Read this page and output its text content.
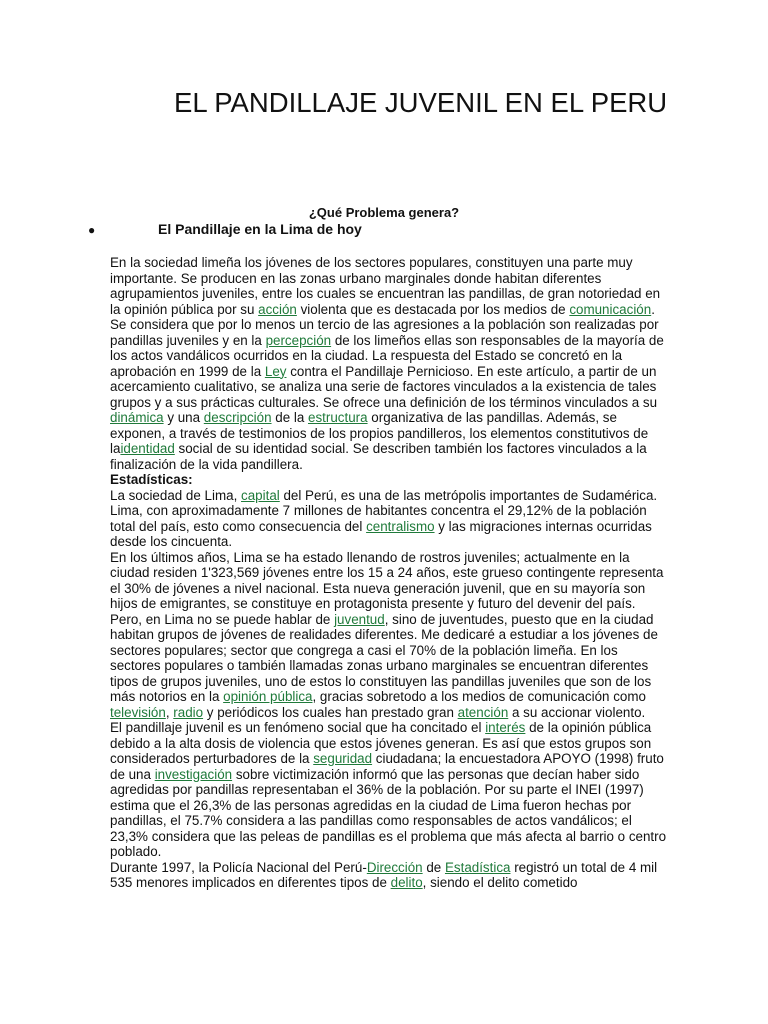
EL PANDILLAJE JUVENIL EN EL PERU

¿Qué Problema genera?

●	El Pandillaje en la Lima de hoy

En la sociedad limeña los jóvenes de los sectores populares, constituyen una parte muy importante. Se producen en las zonas urbano marginales donde habitan diferentes agrupamientos juveniles, entre los cuales se encuentran las pandillas, de gran notoriedad en la opinión pública por su acción violenta que es destacada por los medios de comunicación. Se considera que por lo menos un tercio de las agresiones a la población son realizadas por pandillas juveniles y en la percepción de los limeños ellas son responsables de la mayoría de los actos vandálicos ocurridos en la ciudad. La respuesta del Estado se concretó en la aprobación en 1999 de la Ley contra el Pandillaje Pernicioso. En este artículo, a partir de un acercamiento cualitativo, se analiza una serie de factores vinculados a la existencia de tales grupos y a sus prácticas culturales. Se ofrece una definición de los términos vinculados a su dinámica y una descripción de la estructura organizativa de las pandillas. Además, se exponen, a través de testimonios de los propios pandilleros, los elementos constitutivos de laidentidad social de su identidad social. Se describen también los factores vinculados a la finalización de la vida pandillera.

Estadísticas:

La sociedad de Lima, capital del Perú, es una de las metrópolis importantes de Sudamérica. Lima, con aproximadamente 7 millones de habitantes concentra el 29,12% de la población total del país, esto como consecuencia del centralismo y las migraciones internas ocurridas desde los cincuenta.

En los últimos años, Lima se ha estado llenando de rostros juveniles; actualmente en la ciudad residen 1'323,569 jóvenes entre los 15 a 24 años, este grueso contingente representa el 30% de jóvenes a nivel nacional. Esta nueva generación juvenil, que en su mayoría son hijos de emigrantes, se constituye en protagonista presente y futuro del devenir del país.

Pero, en Lima no se puede hablar de juventud, sino de juventudes, puesto que en la ciudad habitan grupos de jóvenes de realidades diferentes. Me dedicaré a estudiar a los jóvenes de sectores populares; sector que congrega a casi el 70% de la población limeña. En los sectores populares o también llamadas zonas urbano marginales se encuentran diferentes tipos de grupos juveniles, uno de estos lo constituyen las pandillas juveniles que son de los más notorios en la opinión pública, gracias sobretodo a los medios de comunicación como televisión, radio y periódicos los cuales han prestado gran atención a su accionar violento.

El pandillaje juvenil es un fenómeno social que ha concitado el interés de la opinión pública debido a la alta dosis de violencia que estos jóvenes generan. Es así que estos grupos son considerados perturbadores de la seguridad ciudadana; la encuestadora APOYO (1998) fruto de una investigación sobre victimización informó que las personas que decían haber sido agredidas por pandillas representaban el 36% de la población. Por su parte el INEI (1997) estima que el 26,3% de las personas agredidas en la ciudad de Lima fueron hechas por pandillas, el 75.7% considera a las pandillas como responsables de actos vandálicos; el 23,3% considera que las peleas de pandillas es el problema que más afecta al barrio o centro poblado.

Durante 1997, la Policía Nacional del Perú-Dirección de Estadística registró un total de 4 mil 535 menores implicados en diferentes tipos de delito, siendo el delito cometido
